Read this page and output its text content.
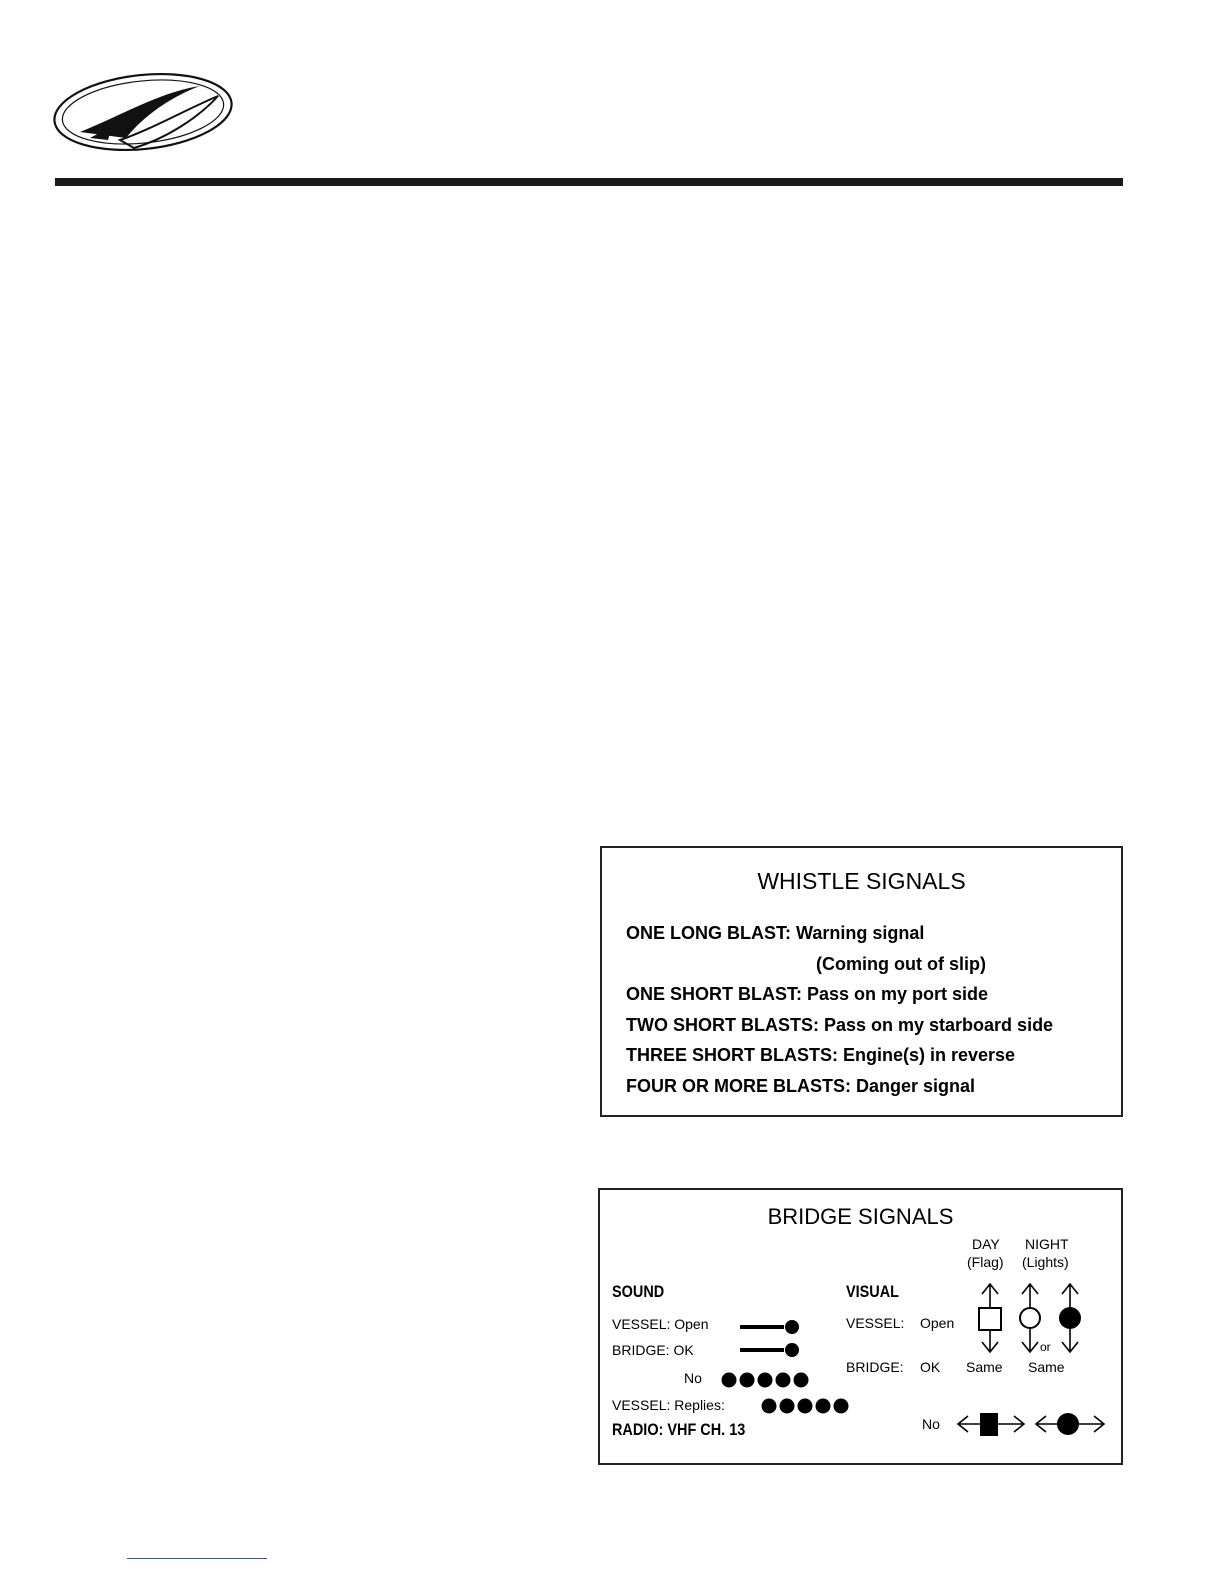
WHISTLE SIGNALS
ONE LONG BLAST: Warning signal
(Coming out of slip)
ONE SHORT BLAST: Pass on my port side
TWO SHORT BLASTS: Pass on my starboard side
THREE SHORT BLASTS: Engine(s) in reverse
FOUR OR MORE BLASTS: Danger signal
BRIDGE SIGNALS
DAY
(Flag)
NIGHT
(Lights)
SOUND
VESSEL: Open
BRIDGE: OK
No
VESSEL: Replies:
RADIO: VHF CH. 13
VISUAL
VESSEL: Open
BRIDGE: OK Same
or
Same
No
